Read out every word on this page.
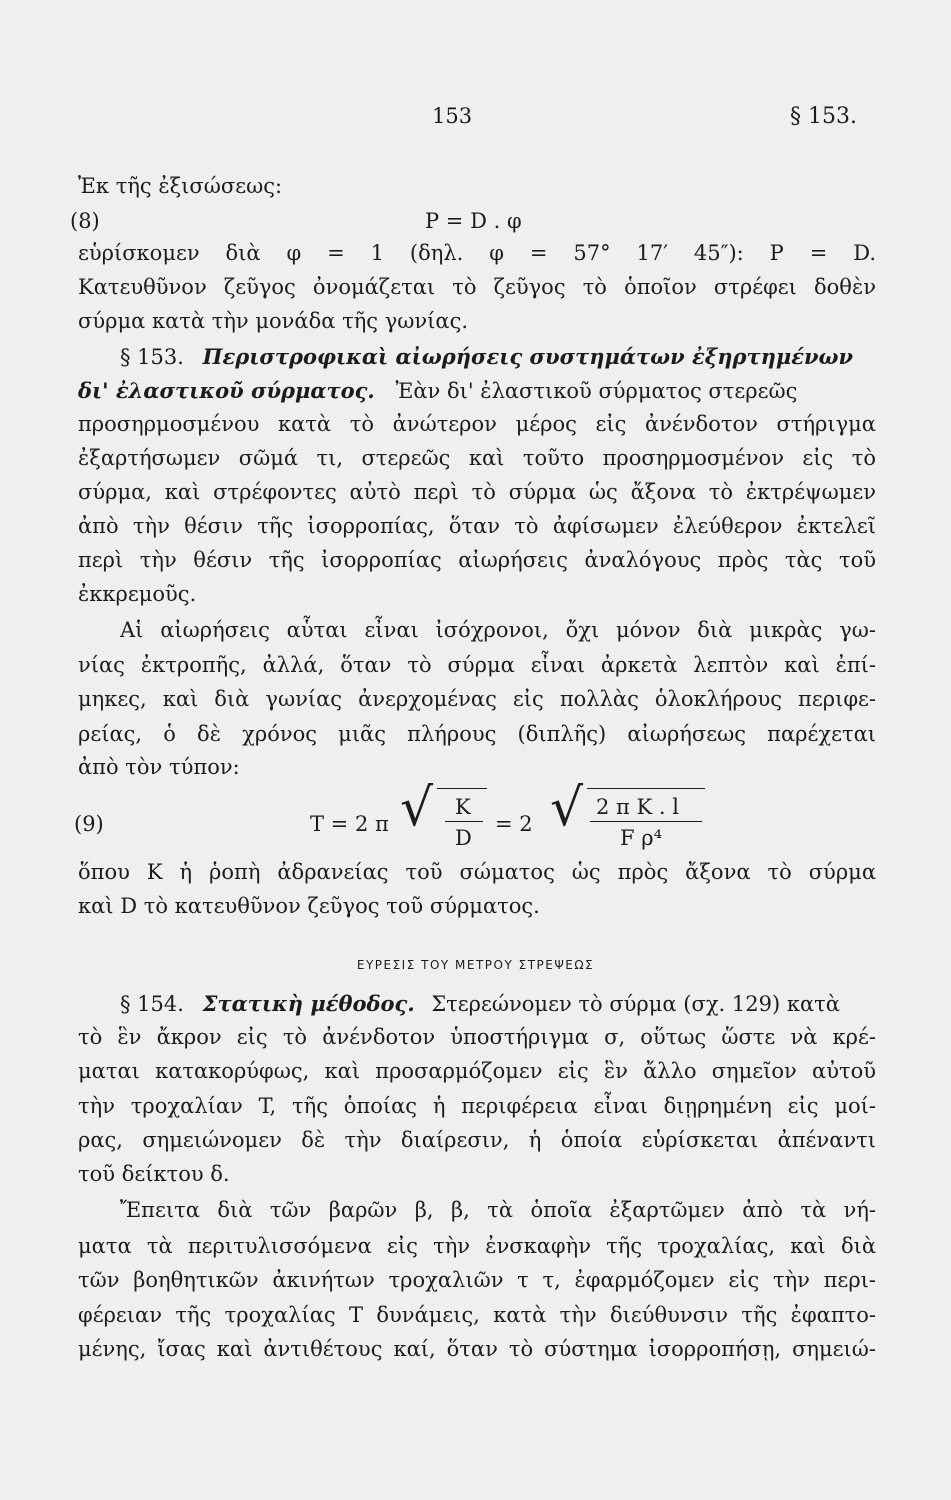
153	§ 153.
Ἐκ τῆς ἐξισώσεως:
(8)	P = D . φ
εὑρίσκομεν διὰ φ = 1 (δηλ. φ = 57° 17′ 45″): P = D.
Κατευθῦνον ζεῦγος ὀνομάζεται τὸ ζεῦγος τὸ ὁποῖον στρέφει δοθὲν
σύρμα κατὰ τὴν μονάδα τῆς γωνίας.
§ 153. Περιστροφικαὶ αἰωρήσεις συστημάτων ἐξηρτημένων
δι' ἐλαστικοῦ σύρματος. Ἐὰν δι' ἐλαστικοῦ σύρματος στερεῶς
προσηρμοσμένου κατὰ τὸ ἀνώτερον μέρος εἰς ἀνένδοτον στήριγμα
ἐξαρτήσωμεν σῶμά τι, στερεῶς καὶ τοῦτο προσηρμοσμένον εἰς τὸ
σύρμα, καὶ στρέφοντες αὐτὸ περὶ τὸ σύρμα ὡς ἄξονα τὸ ἐκτρέψωμεν
ἀπὸ τὴν θέσιν τῆς ἰσορροπίας, ὅταν τὸ ἀφίσωμεν ἐλεύθερον ἐκτελεῖ
περὶ τὴν θέσιν τῆς ἰσορροπίας αἰωρήσεις ἀναλόγους πρὸς τὰς τοῦ
ἐκκρεμοῦς.
Αἱ αἰωρήσεις αὗται εἶναι ἰσόχρονοι, ὄχι μόνον διὰ μικρὰς γω-
νίας ἐκτροπῆς, ἀλλά, ὅταν τὸ σύρμα εἶναι ἀρκετὰ λεπτὸν καὶ ἐπί-
μηκες, καὶ διὰ γωνίας ἀνερχομένας εἰς πολλὰς ὁλοκλήρους περιφε-
ρείας, ὁ δὲ χρόνος μιᾶς πλήρους (διπλῆς) αἰωρήσεως παρέχεται
ἀπὸ τὸν τύπον:
(9)	T = 2 π √ K
D
= 2 √ 2 π K . l
F ρ⁴
ὅπου K ἡ ῥοπὴ ἀδρανείας τοῦ σώματος ὡς πρὸς ἄξονα τὸ σύρμα
καὶ D τὸ κατευθῦνον ζεῦγος τοῦ σύρματος.
ΕΥΡΕΣΙΣ ΤΟΥ ΜΕΤΡΟΥ ΣΤΡΕΨΕΩΣ
§ 154. Στατικὴ μέθοδος. Στερεώνομεν τὸ σύρμα (σχ. 129) κατὰ
τὸ ἓν ἄκρον εἰς τὸ ἀνένδοτον ὑποστήριγμα σ, οὕτως ὥστε νὰ κρέ-
μαται κατακορύφως, καὶ προσαρμόζομεν εἰς ἓν ἄλλο σημεῖον αὐτοῦ
τὴν τροχαλίαν T, τῆς ὁποίας ἡ περιφέρεια εἶναι διῃρημένη εἰς μοί-
ρας, σημειώνομεν δὲ τὴν διαίρεσιν, ἡ ὁποία εὑρίσκεται ἀπέναντι
τοῦ δείκτου δ.
Ἔπειτα διὰ τῶν βαρῶν β, β, τὰ ὁποῖα ἐξαρτῶμεν ἀπὸ τὰ νή-
ματα τὰ περιτυλισσόμενα εἰς τὴν ἐνσκαφὴν τῆς τροχαλίας, καὶ διὰ
τῶν βοηθητικῶν ἀκινήτων τροχαλιῶν τ τ, ἐφαρμόζομεν εἰς τὴν περι-
φέρειαν τῆς τροχαλίας T δυνάμεις, κατὰ τὴν διεύθυνσιν τῆς ἐφαπτο-
μένης, ἴσας καὶ ἀντιθέτους καί, ὅταν τὸ σύστημα ἰσορροπήσῃ, σημειώ-
